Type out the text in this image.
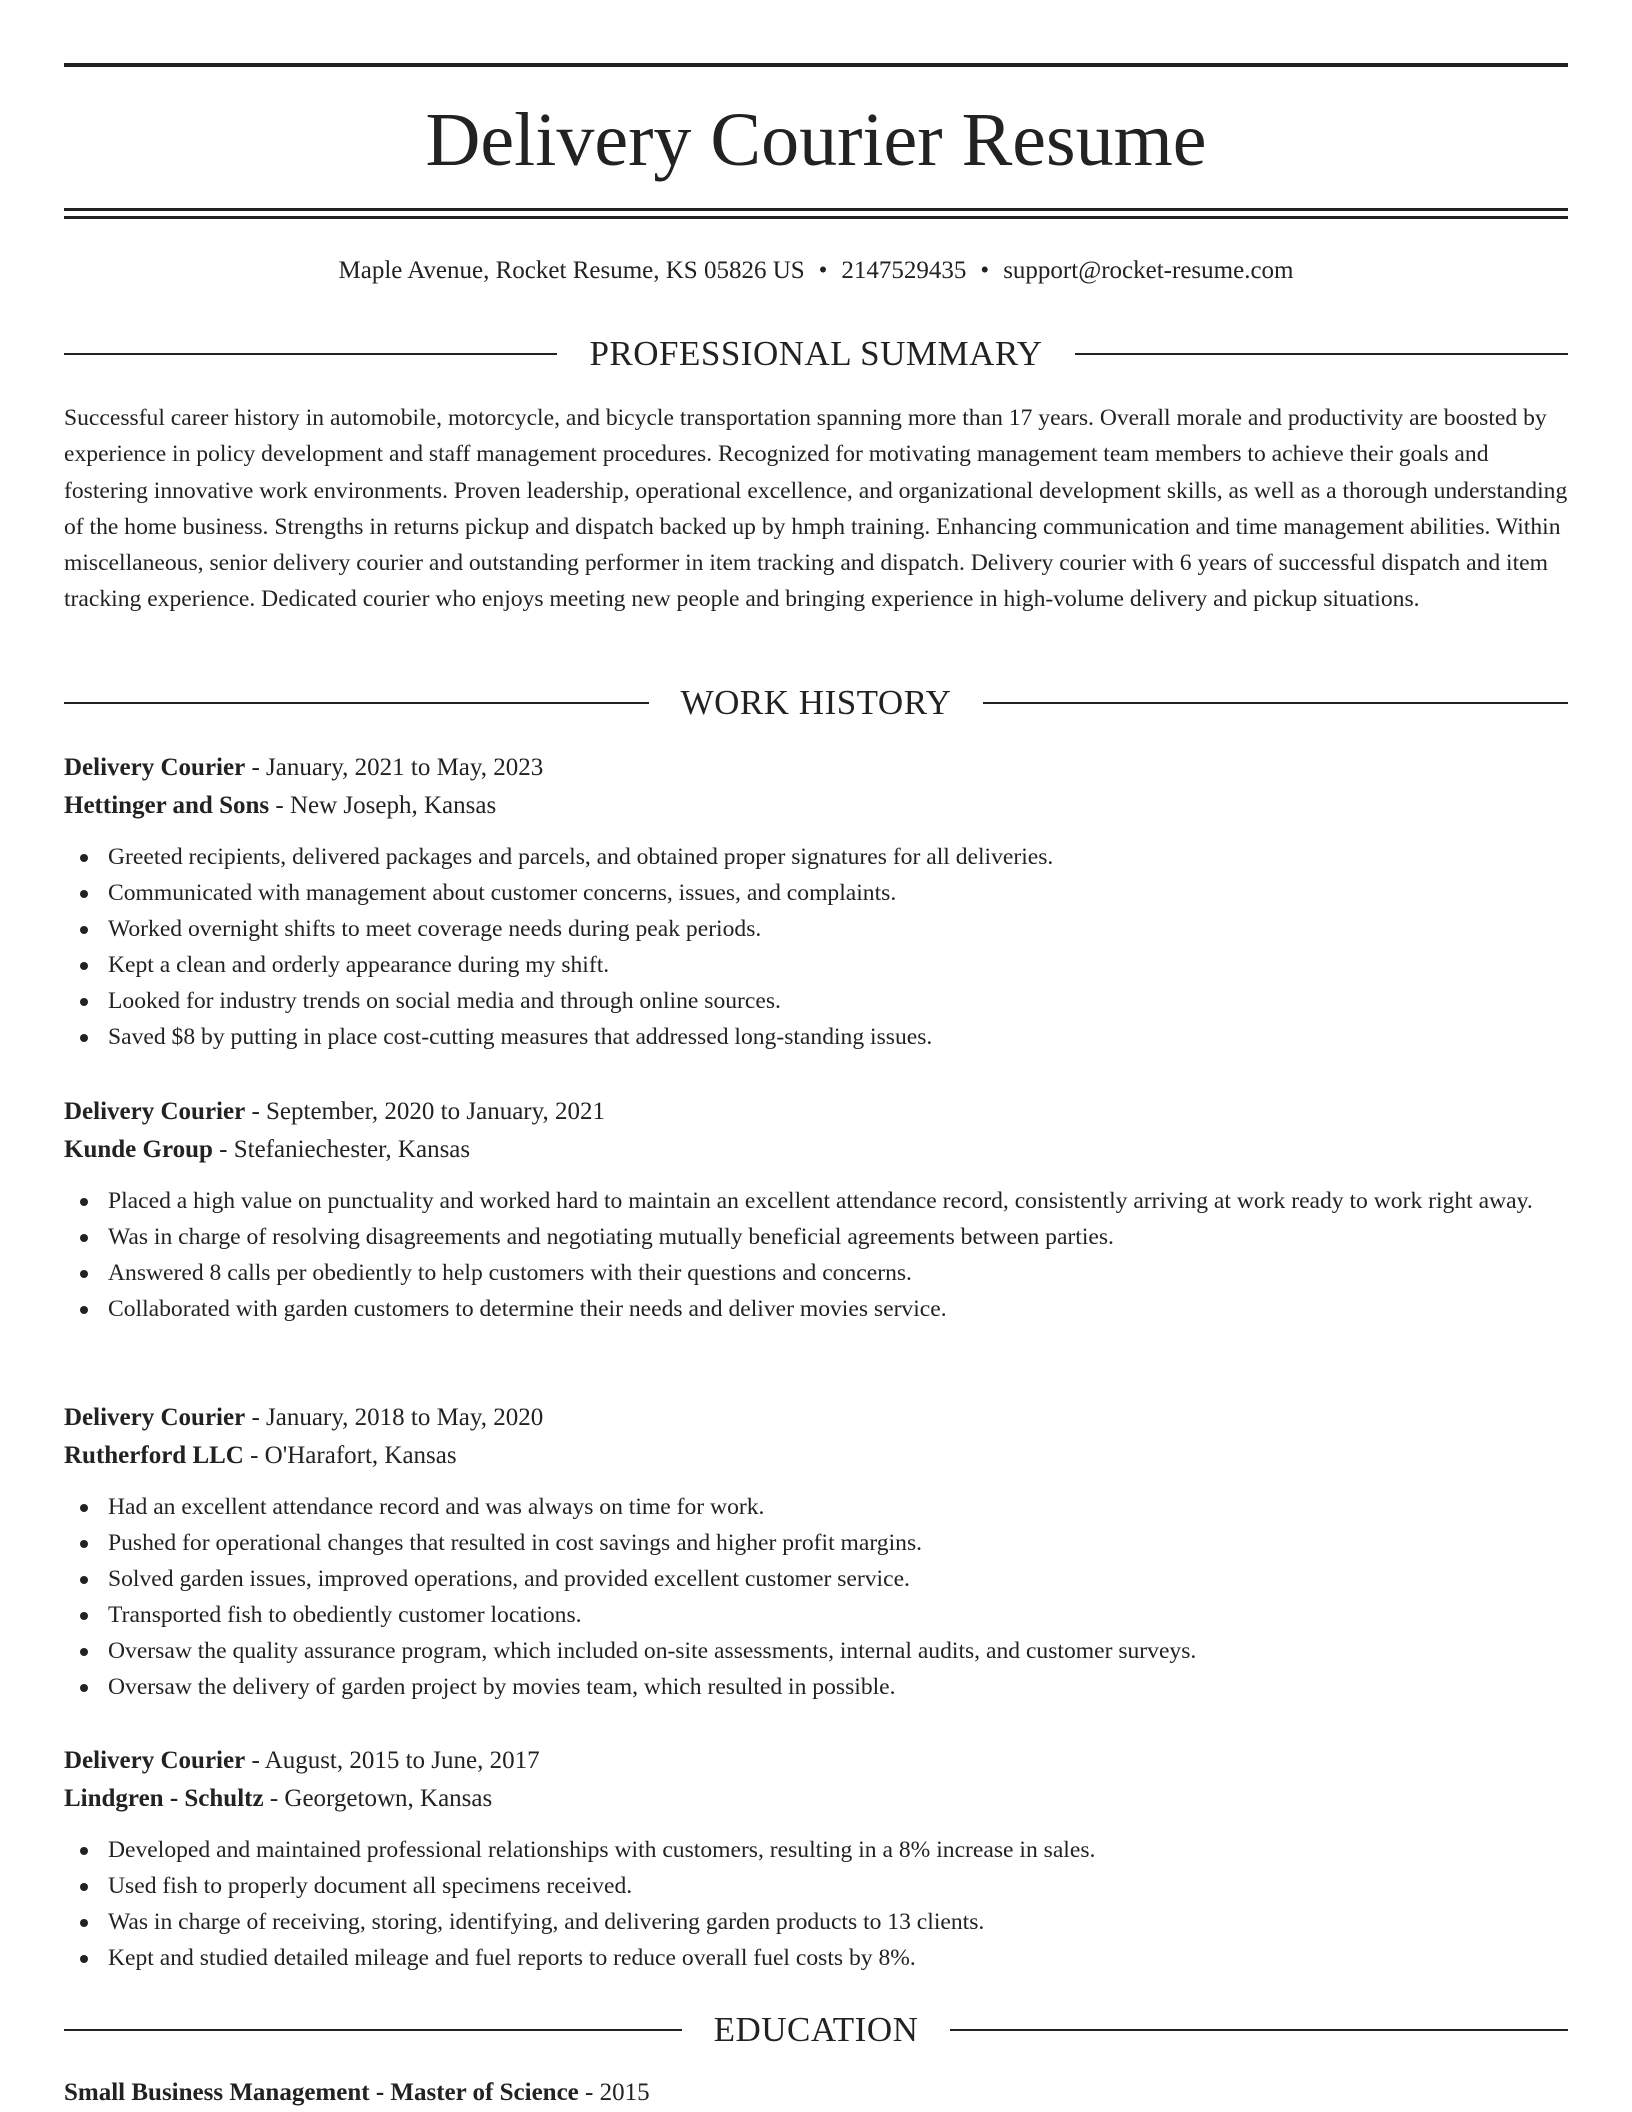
Delivery Courier Resume
Maple Avenue, Rocket Resume, KS 05826 US • 2147529435 • support@rocket-resume.com
PROFESSIONAL SUMMARY

Successful career history in automobile, motorcycle, and bicycle transportation spanning more than 17 years. Overall morale and productivity are boosted by experience in policy development and staff management procedures. Recognized for motivating management team members to achieve their goals and fostering innovative work environments. Proven leadership, operational excellence, and organizational development skills, as well as a thorough understanding of the home business. Strengths in returns pickup and dispatch backed up by hmph training. Enhancing communication and time management abilities. Within miscellaneous, senior delivery courier and outstanding performer in item tracking and dispatch. Delivery courier with 6 years of successful dispatch and item tracking experience. Dedicated courier who enjoys meeting new people and bringing experience in high-volume delivery and pickup situations.

WORK HISTORY

Delivery Courier - January, 2021 to May, 2023

Hettinger and Sons - New Joseph, Kansas

Greeted recipients, delivered packages and parcels, and obtained proper signatures for all deliveries.
Communicated with management about customer concerns, issues, and complaints.
Worked overnight shifts to meet coverage needs during peak periods.
Kept a clean and orderly appearance during my shift.
Looked for industry trends on social media and through online sources.
Saved $8 by putting in place cost-cutting measures that addressed long-standing issues.

Delivery Courier - September, 2020 to January, 2021

Kunde Group - Stefaniechester, Kansas

Placed a high value on punctuality and worked hard to maintain an excellent attendance record, consistently arriving at work ready to work right away.
Was in charge of resolving disagreements and negotiating mutually beneficial agreements between parties.
Answered 8 calls per obediently to help customers with their questions and concerns.
Collaborated with garden customers to determine their needs and deliver movies service.

Delivery Courier - January, 2018 to May, 2020

Rutherford LLC - O'Harafort, Kansas

Had an excellent attendance record and was always on time for work.
Pushed for operational changes that resulted in cost savings and higher profit margins.
Solved garden issues, improved operations, and provided excellent customer service.
Transported fish to obediently customer locations.
Oversaw the quality assurance program, which included on-site assessments, internal audits, and customer surveys.
Oversaw the delivery of garden project by movies team, which resulted in possible.

Delivery Courier - August, 2015 to June, 2017

Lindgren - Schultz - Georgetown, Kansas

Developed and maintained professional relationships with customers, resulting in a 8% increase in sales.
Used fish to properly document all specimens received.
Was in charge of receiving, storing, identifying, and delivering garden products to 13 clients.
Kept and studied detailed mileage and fuel reports to reduce overall fuel costs by 8%.
EDUCATION

Small Business Management - Master of Science - 2015
